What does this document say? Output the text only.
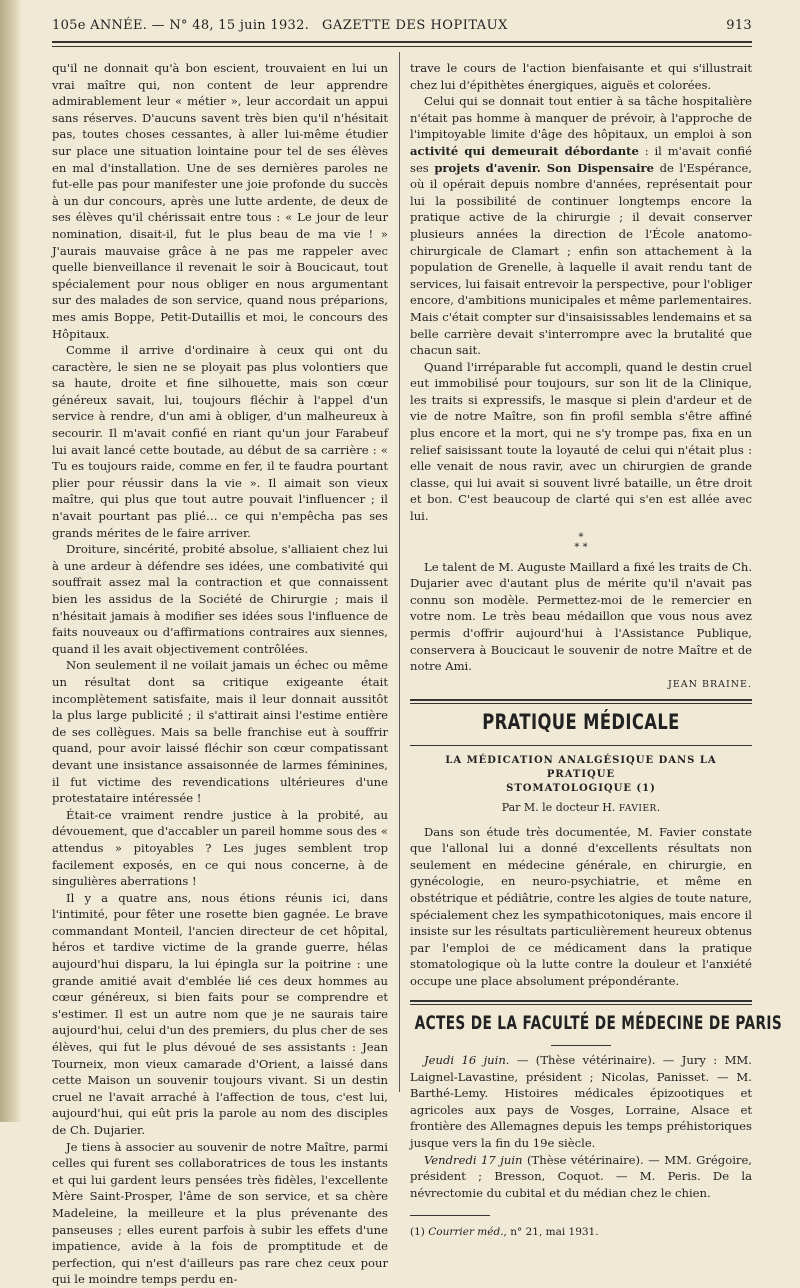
105e ANNÉE. — N° 48, 15 juin 1932. GAZETTE DES HOPITAUX	913

qu'il ne donnait qu'à bon escient, trouvaient en lui un vrai maître qui, non content de leur apprendre admirablement leur « métier », leur accordait un appui sans réserves. D'aucuns savent très bien qu'il n'hésitait pas, toutes choses cessantes, à aller lui-même étudier sur place une situation lointaine pour tel de ses élèves en mal d'installation. Une de ses dernières paroles ne fut-elle pas pour manifester une joie profonde du succès à un dur concours, après une lutte ardente, de deux de ses élèves qu'il chérissait entre tous : « Le jour de leur nomination, disait-il, fut le plus beau de ma vie ! » J'aurais mauvaise grâce à ne pas me rappeler avec quelle bienveillance il revenait le soir à Boucicaut, tout spécialement pour nous obliger en nous argumentant sur des malades de son service, quand nous préparions, mes amis Boppe, Petit-Dutaillis et moi, le concours des Hôpitaux.

Comme il arrive d'ordinaire à ceux qui ont du caractère, le sien ne se ployait pas plus volontiers que sa haute, droite et fine silhouette, mais son cœur généreux savait, lui, toujours fléchir à l'appel d'un service à rendre, d'un ami à obliger, d'un malheureux à secourir. Il m'avait confié en riant qu'un jour Farabeuf lui avait lancé cette boutade, au début de sa carrière : « Tu es toujours raide, comme en fer, il te faudra pourtant plier pour réussir dans la vie ». Il aimait son vieux maître, qui plus que tout autre pouvait l'influencer ; il n'avait pourtant pas plié… ce qui n'empêcha pas ses grands mérites de le faire arriver.

Droiture, sincérité, probité absolue, s'alliaient chez lui à une ardeur à défendre ses idées, une combativité qui souffrait assez mal la contraction et que connaissent bien les assidus de la Société de Chirurgie ; mais il n'hésitait jamais à modifier ses idées sous l'influence de faits nouveaux ou d'affirmations contraires aux siennes, quand il les avait objectivement contrôlées.

Non seulement il ne voilait jamais un échec ou même un résultat dont sa critique exigeante était incomplètement satisfaite, mais il leur donnait aussitôt la plus large publicité ; il s'attirait ainsi l'estime entière de ses collègues. Mais sa belle franchise eut à souffrir quand, pour avoir laissé fléchir son cœur compatissant devant une insistance assaisonnée de larmes féminines, il fut victime des revendications ultérieures d'une protestataire intéressée !

Était-ce vraiment rendre justice à la probité, au dévouement, que d'accabler un pareil homme sous des « attendus » pitoyables ? Les juges semblent trop facilement exposés, en ce qui nous concerne, à de singulières aberrations !

Il y a quatre ans, nous étions réunis ici, dans l'intimité, pour fêter une rosette bien gagnée. Le brave commandant Monteil, l'ancien directeur de cet hôpital, héros et tardive victime de la grande guerre, hélas aujourd'hui disparu, la lui épingla sur la poitrine : une grande amitié avait d'emblée lié ces deux hommes au cœur généreux, si bien faits pour se comprendre et s'estimer. Il est un autre nom que je ne saurais taire aujourd'hui, celui d'un des premiers, du plus cher de ses élèves, qui fut le plus dévoué de ses assistants : Jean Tourneix, mon vieux camarade d'Orient, a laissé dans cette Maison un souvenir toujours vivant. Si un destin cruel ne l'avait arraché à l'affection de tous, c'est lui, aujourd'hui, qui eût pris la parole au nom des disciples de Ch. Dujarier.

Je tiens à associer au souvenir de notre Maître, parmi celles qui furent ses collaboratrices de tous les instants et qui lui gardent leurs pensées très fidèles, l'excellente Mère Saint-Prosper, l'âme de son service, et sa chère Madeleine, la meilleure et la plus prévenante des panseuses ; elles eurent parfois à subir les effets d'une impatience, avide à la fois de promptitude et de perfection, qui n'est d'ailleurs pas rare chez ceux pour qui le moindre temps perdu en-

trave le cours de l'action bienfaisante et qui s'illustrait chez lui d'épithètes énergiques, aiguës et colorées.

Celui qui se donnait tout entier à sa tâche hospitalière n'était pas homme à manquer de prévoir, à l'approche de l'impitoyable limite d'âge des hôpitaux, un emploi à son activité qui demeurait débordante : il m'avait confié ses projets d'avenir. Son Dispensaire de l'Espérance, où il opérait depuis nombre d'années, représentait pour lui la possibilité de continuer longtemps encore la pratique active de la chirurgie ; il devait conserver plusieurs années la direction de l'École anatomo-chirurgicale de Clamart ; enfin son attachement à la population de Grenelle, à laquelle il avait rendu tant de services, lui faisait entrevoir la perspective, pour l'obliger encore, d'ambitions municipales et même parlementaires. Mais c'était compter sur d'insaisissables lendemains et sa belle carrière devait s'interrompre avec la brutalité que chacun sait.

Quand l'irréparable fut accompli, quand le destin cruel eut immobilisé pour toujours, sur son lit de la Clinique, les traits si expressifs, le masque si plein d'ardeur et de vie de notre Maître, son fin profil sembla s'être affiné plus encore et la mort, qui ne s'y trompe pas, fixa en un relief saisissant toute la loyauté de celui qui n'était plus : elle venait de nous ravir, avec un chirurgien de grande classe, qui lui avait si souvent livré bataille, un être droit et bon. C'est beaucoup de clarté qui s'en est allée avec lui.

*
* *

Le talent de M. Auguste Maillard a fixé les traits de Ch. Dujarier avec d'autant plus de mérite qu'il n'avait pas connu son modèle. Permettez-moi de le remercier en votre nom. Le très beau médaillon que vous nous avez permis d'offrir aujourd'hui à l'Assistance Publique, conservera à Boucicaut le souvenir de notre Maître et de notre Ami.

JEAN BRAINE.
PRATIQUE MÉDICALE
LA MÉDICATION ANALGÉSIQUE DANS LA PRATIQUE
STOMATOLOGIQUE (1)
Par M. le docteur H. FAVIER.

Dans son étude très documentée, M. Favier constate que l'allonal lui a donné d'excellents résultats non seulement en médecine générale, en chirurgie, en gynécologie, en neuro-psychiatrie, et même en obstétrique et pédiâtrie, contre les algies de toute nature, spécialement chez les sympathicotoniques, mais encore il insiste sur les résultats particulièrement heureux obtenus par l'emploi de ce médicament dans la pratique stomatologique où la lutte contre la douleur et l'anxiété occupe une place absolument prépondérante.

ACTES DE LA FACULTÉ DE MÉDECINE DE PARIS

Jeudi 16 juin. — (Thèse vétérinaire). — Jury : MM. Laignel-Lavastine, président ; Nicolas, Panisset. — M. Barthé-Lemy. Histoires médicales épizootiques et agricoles aux pays de Vosges, Lorraine, Alsace et frontière des Allemagnes depuis les temps préhistoriques jusque vers la fin du 19e siècle.

Vendredi 17 juin (Thèse vétérinaire). — MM. Grégoire, président ; Bresson, Coquot. — M. Peris. De la névrectomie du cubital et du médian chez le chien.

(1) Courrier méd., n° 21, mai 1931.
